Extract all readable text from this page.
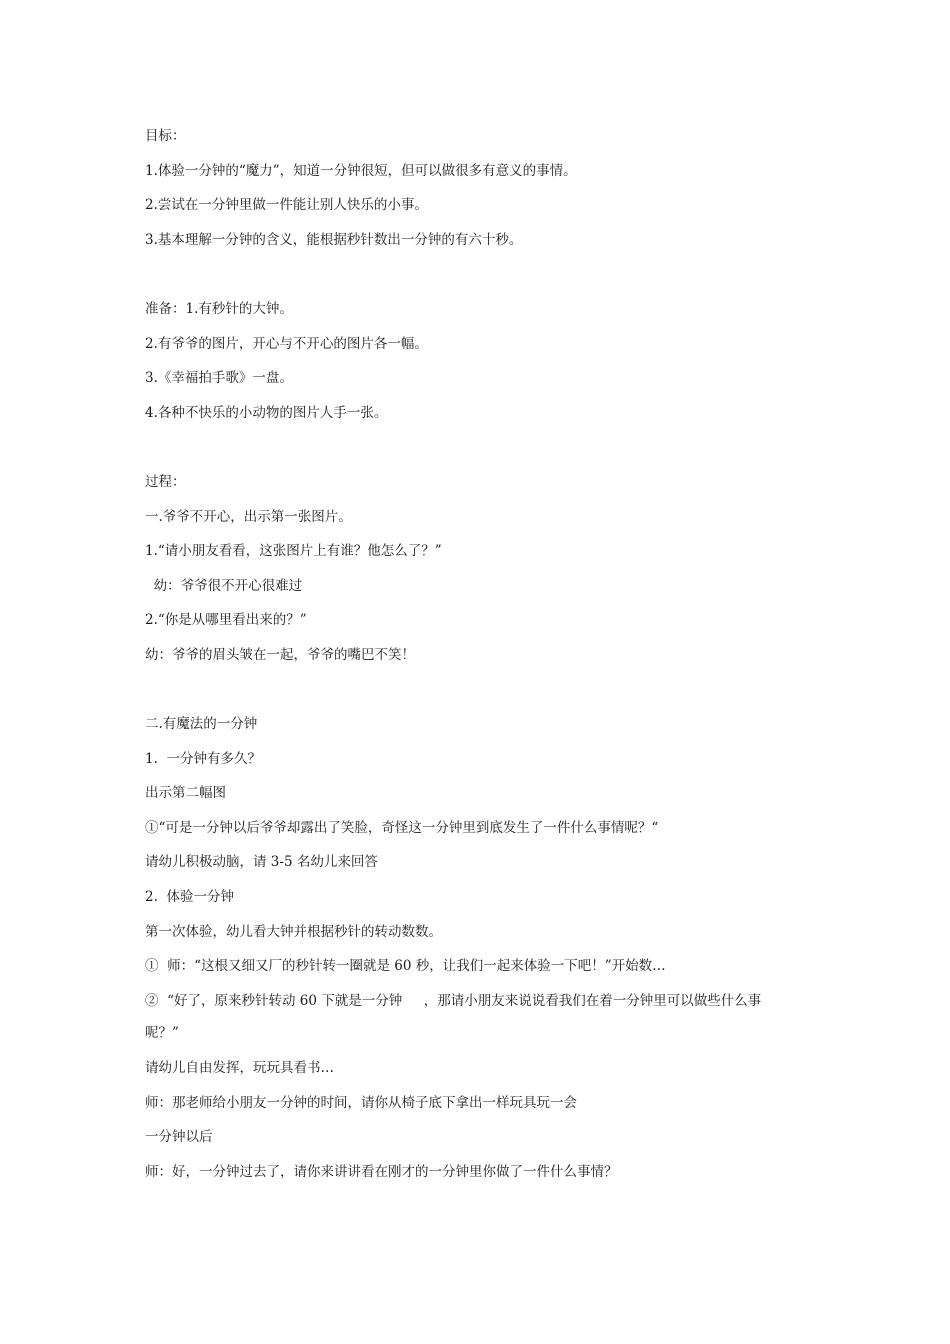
目标：
1.体验一分钟的“魔力”，知道一分钟很短，但可以做很多有意义的事情。
2.尝试在一分钟里做一件能让别人快乐的小事。
3.基本理解一分钟的含义，能根据秒针数出一分钟的有六十秒。
准备：1.有秒针的大钟。
2.有爷爷的图片，开心与不开心的图片各一幅。
3.《幸福拍手歌》一盘。
4.各种不快乐的小动物的图片人手一张。
过程：
一.爷爷不开心，出示第一张图片。
1.“请小朋友看看，这张图片上有谁？他怎么了？”
幼：爷爷很不开心很难过
2.“你是从哪里看出来的？”
幼：爷爷的眉头皱在一起，爷爷的嘴巴不笑！
二.有魔法的一分钟
1.  一分钟有多久？
出示第二幅图
①“可是一分钟以后爷爷却露出了笑脸，奇怪这一分钟里到底发生了一件什么事情呢？“
请幼儿积极动脑，请 3-5 名幼儿来回答
2.  体验一分钟
第一次体验，幼儿看大钟并根据秒针的转动数数。
①  师：“这根又细又厂的秒针转一圈就是 60 秒，让我们一起来体验一下吧！”开始数…
②  “好了，原来秒针转动 60 下就是一分钟     ，那请小朋友来说说看我们在着一分钟里可以做些什么事
呢？”
请幼儿自由发挥，玩玩具看书…
师：那老师给小朋友一分钟的时间，请你从椅子底下拿出一样玩具玩一会
一分钟以后
师：好，一分钟过去了，请你来讲讲看在刚才的一分钟里你做了一件什么事情？
